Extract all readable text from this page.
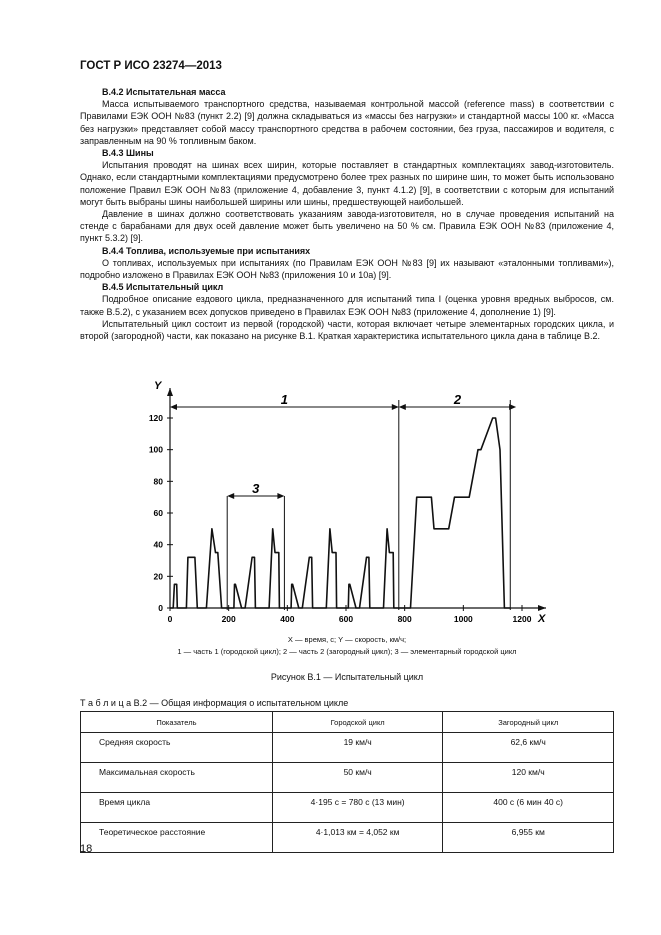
ГОСТ Р ИСО 23274—2013
В.4.2 Испытательная масса

Масса испытываемого транспортного средства, называемая контрольной массой (reference mass) в соответствии с Правилами ЕЭК ООН №83 (пункт 2.2) [9] должна складываться из «массы без нагрузки» и стандартной массы 100 кг. «Масса без нагрузки» представляет собой массу транспортного средства в рабочем состоянии, без груза, пассажиров и водителя, с заправленным на 90 % топливным баком.

В.4.3 Шины

Испытания проводят на шинах всех ширин, которые поставляет в стандартных комплектациях завод-изготовитель. Однако, если стандартными комплектациями предусмотрено более трех разных по ширине шин, то может быть использовано положение Правил ЕЭК ООН №83 (приложение 4, добавление 3, пункт 4.1.2) [9], в соответствии с которым для испытаний могут быть выбраны шины наибольшей ширины или шины, предшествующей наибольшей.

Давление в шинах должно соответствовать указаниям завода-изготовителя, но в случае проведения испытаний на стенде с барабанами для двух осей давление может быть увеличено на 50 % см. Правила ЕЭК ООН №83 (приложение 4, пункт 5.3.2) [9].

В.4.4 Топлива, используемые при испытаниях

О топливах, используемых при испытаниях (по Правилам ЕЭК ООН №83 [9] их называют «эталонными топливами»), подробно изложено в Правилах ЕЭК ООН №83 (приложения 10 и 10а) [9].

В.4.5 Испытательный цикл

Подробное описание ездового цикла, предназначенного для испытаний типа I (оценка уровня вредных выбросов, см. также В.5.2), с указанием всех допусков приведено в Правилах ЕЭК ООН №83 (приложение 4, дополнение 1) [9].

Испытательный цикл состоит из первой (городской) части, которая включает четыре элементарных городских цикла, и второй (загородной) части, как показано на рисунке В.1. Краткая характеристика испытательного цикла дана в таблице В.2.

0	200	400	600	800	1000	1200
0
20
40
60
80
100
120
1	2
3
Y
X
X — время, с; Y — скорость, км/ч;
1 — часть 1 (городской цикл); 2 — часть 2 (загородный цикл); 3 — элементарный городской цикл
Рисунок В.1 — Испытательный цикл
Т а б л и ц а В.2 — Общая информация о испытательном цикле
Показатель	Городской цикл	Загородный цикл
Средняя скорость	19 км/ч	62,6 км/ч
Максимальная скорость	50 км/ч	120 км/ч
Время цикла	4·195 с = 780 с (13 мин)	400 с (6 мин 40 с)
Теоретическое расстояние	4·1,013 км = 4,052 км	6,955 км
18
